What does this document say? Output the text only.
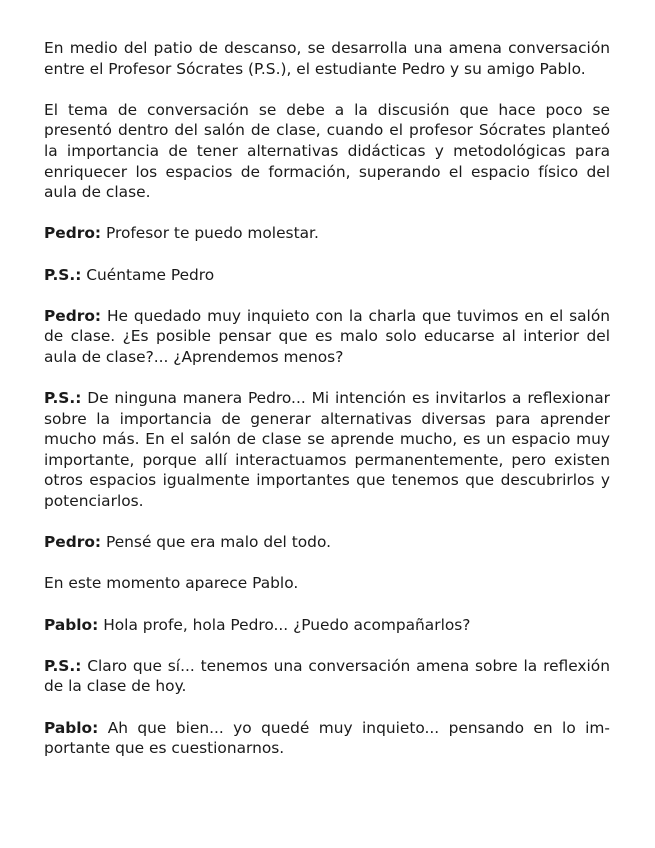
En medio del patio de descanso, se desarrolla una amena conversación entre el Profesor Sócrates (P.S.), el estudiante Pedro y su amigo Pablo.

El tema de conversación se debe a la discusión que hace poco se presentó dentro del salón de clase, cuando el profesor Sócrates planteó la importancia de tener alternativas didácticas y metodológicas para enriquecer los espacios de formación, superando el espacio físico del aula de clase.

Pedro: Profesor te puedo molestar.

P.S.: Cuéntame Pedro

Pedro: He quedado muy inquieto con la charla que tuvimos en el salón de clase. ¿Es posible pensar que es malo solo educarse al interior del aula de clase?... ¿Aprendemos menos?

P.S.: De ninguna manera Pedro... Mi intención es invitarlos a reflexionar sobre la importancia de generar alternativas diversas para aprender mucho más. En el salón de clase se aprende mucho, es un espacio muy importante, porque allí interactuamos permanentemente, pero existen otros espacios igualmente importantes que tenemos que descubrirlos y potenciarlos.

Pedro: Pensé que era malo del todo.

En este momento aparece Pablo.

Pablo: Hola profe, hola Pedro... ¿Puedo acompañarlos?

P.S.: Claro que sí... tenemos una conversación amena sobre la reflexión de la clase de hoy.

Pablo: Ah que bien... yo quedé muy inquieto... pensando en lo importante que es cuestionarnos.
